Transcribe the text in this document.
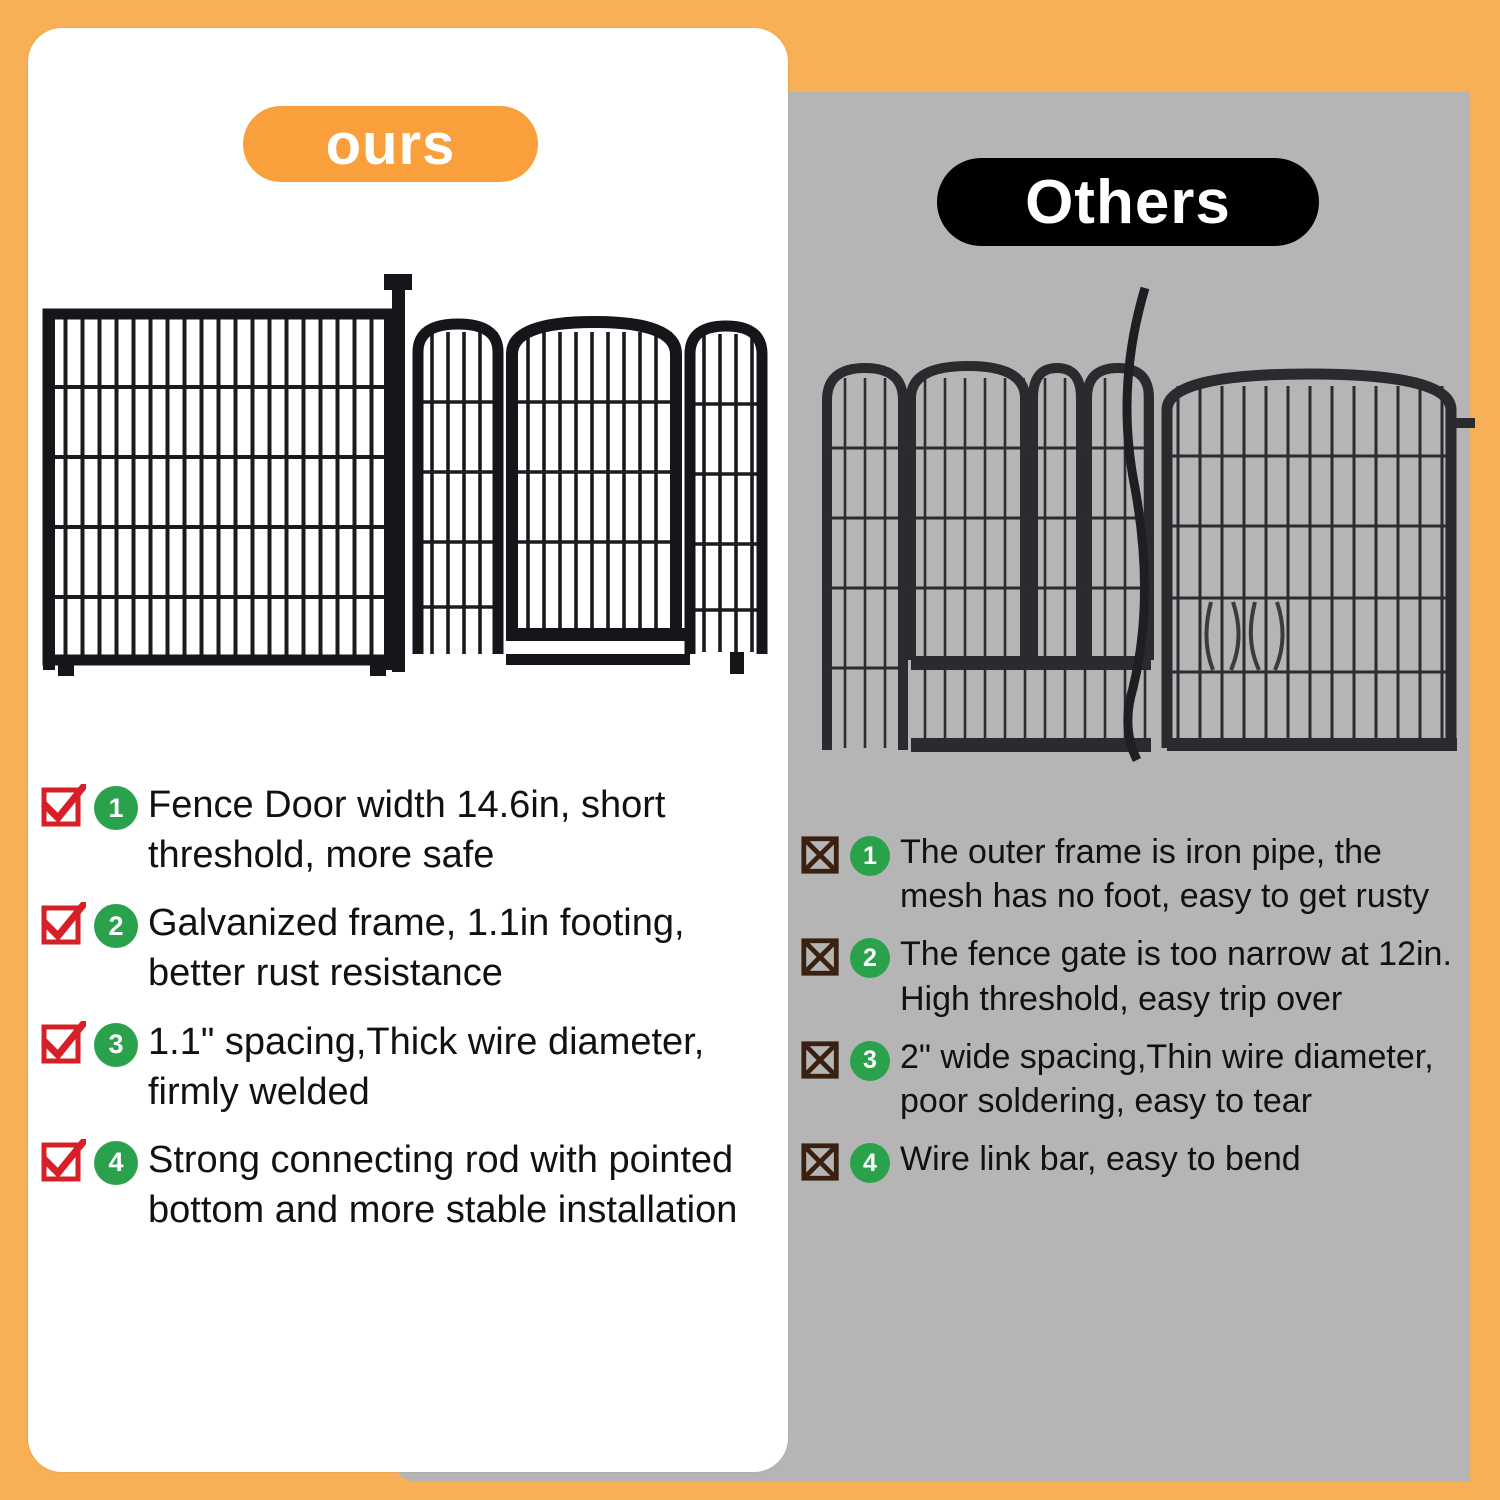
ours
Others
1 Fence Door width 14.6in, short threshold, more safe
2 Galvanized frame, 1.1in footing, better rust resistance
3 1.1" spacing,Thick wire diameter, firmly welded
4 Strong connecting rod with pointed bottom and more stable installation
1 The outer frame is iron pipe, the mesh has no foot, easy to get rusty
2 The fence gate is too narrow at 12in. High threshold, easy trip over
3 2" wide spacing,Thin wire diameter, poor soldering, easy to tear
4 Wire link bar, easy to bend
